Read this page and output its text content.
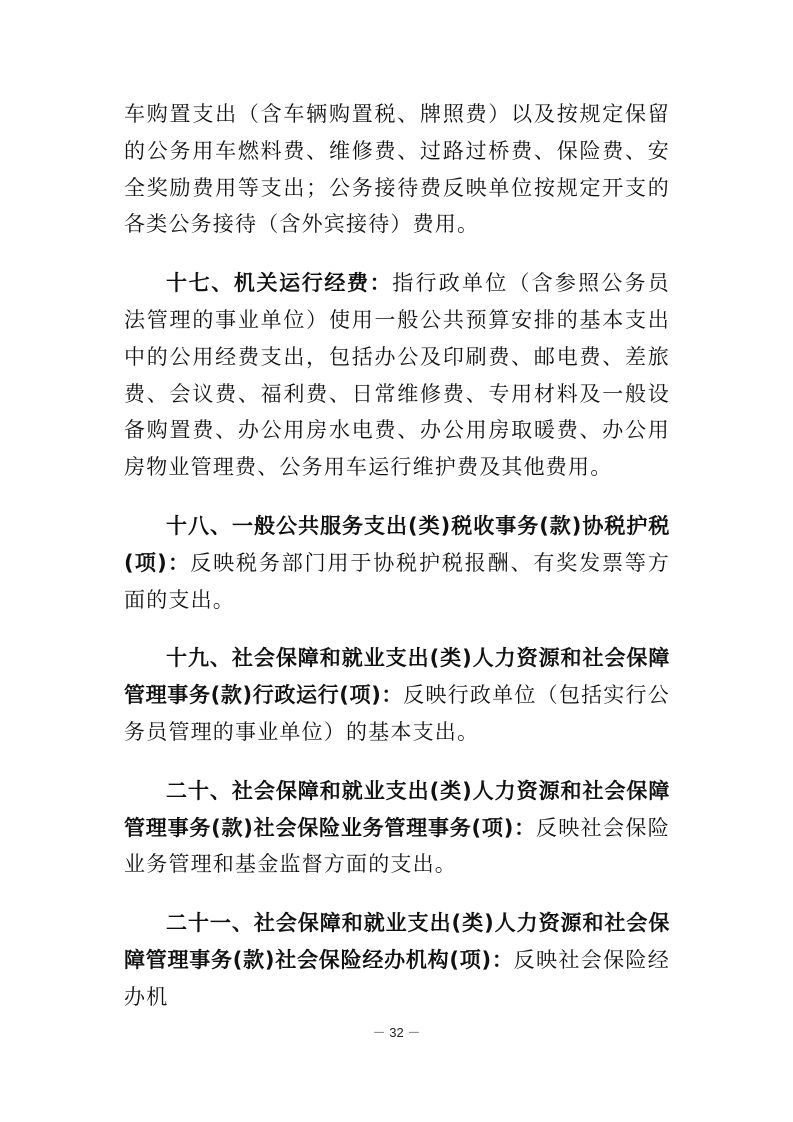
车购置支出（含车辆购置税、牌照费）以及按规定保留的公务用车燃料费、维修费、过路过桥费、保险费、安全奖励费用等支出；公务接待费反映单位按规定开支的各类公务接待（含外宾接待）费用。

十七、机关运行经费：指行政单位（含参照公务员法管理的事业单位）使用一般公共预算安排的基本支出中的公用经费支出，包括办公及印刷费、邮电费、差旅费、会议费、福利费、日常维修费、专用材料及一般设备购置费、办公用房水电费、办公用房取暖费、办公用房物业管理费、公务用车运行维护费及其他费用。

十八、一般公共服务支出(类)税收事务(款)协税护税(项)：反映税务部门用于协税护税报酬、有奖发票等方面的支出。

十九、社会保障和就业支出(类)人力资源和社会保障管理事务(款)行政运行(项)：反映行政单位（包括实行公务员管理的事业单位）的基本支出。

二十、社会保障和就业支出(类)人力资源和社会保障管理事务(款)社会保险业务管理事务(项)：反映社会保险业务管理和基金监督方面的支出。

二十一、社会保障和就业支出(类)人力资源和社会保障管理事务(款)社会保险经办机构(项)：反映社会保险经办机

－ 32 －
